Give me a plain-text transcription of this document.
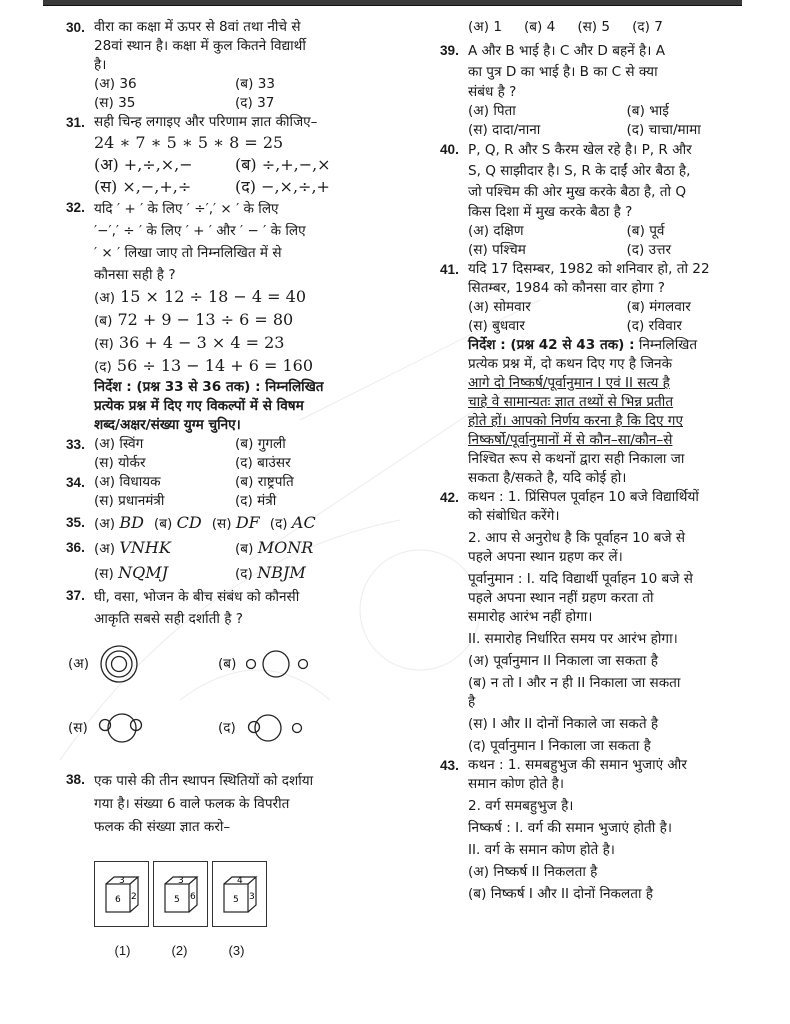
30. वीरा का कक्षा में ऊपर से 8वां तथा नीचे से
28वां स्थान है। कक्षा में कुल कितने विद्यार्थी
है।
(अ) 36	(ब) 33
(स) 35	(द) 37
31. सही चिन्ह लगाइए और परिणाम ज्ञात कीजिए–
24 ∗ 7 ∗ 5 ∗ 5 ∗ 8 = 25
(अ) +,÷,×,−	(ब) ÷,+,−,×
(स) ×,−,+,÷	(द) −,×,÷,+
32. यदि ′ + ′ के लिए ′ ÷′,′ × ′ के लिए
′−′,′ ÷ ′ के लिए ′ + ′ और ′ − ′ के लिए
′ × ′ लिखा जाए तो निम्नलिखित में से
कौनसा सही है ?
(अ) 15 × 12 ÷ 18 − 4 = 40
(ब) 72 + 9 − 13 ÷ 6 = 80
(स) 36 + 4 − 3 × 4 = 23
(द) 56 ÷ 13 − 14 + 6 = 160
निर्देश : (प्रश्न 33 से 36 तक) : निम्नलिखित
प्रत्येक प्रश्न में दिए गए विकल्पों में से विषम
शब्द/अक्षर/संख्या युग्म चुनिए।
33. (अ) स्विंग	(ब) गुगली
(स) योर्कर	(द) बाउंसर
34. (अ) विधायक	(ब) राष्ट्रपति
(स) प्रधानमंत्री	(द) मंत्री
35. (अ) BD (ब) CD (स) DF (द) AC
36. (अ) VNHK	(ब) MONR
(स) NQMJ	(द) NBJM
37. घी, वसा, भोजन के बीच संबंध को कौनसी
आकृति सबसे सही दर्शाती है ?
(अ)	(ब)
(स)	(द)
38. एक पासे की तीन स्थापन स्थितियों को दर्शाया
गया है। संख्या 6 वाले फलक के विपरीत
फलक की संख्या ज्ञात करो–
3
6 2
3
5 6
4
5 3
(1)	(2)	(3)
(अ) 1 (ब) 4 (स) 5 (द) 7
39. A और B भाई है। C और D बहनें है। A
का पुत्र D का भाई है। B का C से क्या
संबंध है ?
(अ) पिता	(ब) भाई
(स) दादा/नाना	(द) चाचा/मामा
40. P, Q, R और S कैरम खेल रहे है। P, R और
S, Q साझीदार है। S, R के दाईं ओर बैठा है,
जो पश्चिम की ओर मुख करके बैठा है, तो Q
किस दिशा में मुख करके बैठा है ?
(अ) दक्षिण	(ब) पूर्व
(स) पश्चिम	(द) उत्तर
41. यदि 17 दिसम्बर, 1982 को शनिवार हो, तो 22
सितम्बर, 1984 को कौनसा वार होगा ?
(अ) सोमवार	(ब) मंगलवार
(स) बुधवार	(द) रविवार
निर्देश : (प्रश्न 42 से 43 तक) : निम्नलिखित
प्रत्येक प्रश्न में, दो कथन दिए गए है जिनके
आगे दो निष्कर्ष/पूर्वानुमान I एवं II सत्य है
चाहे वे सामान्यतः ज्ञात तथ्यों से भिन्न प्रतीत
होते हों। आपको निर्णय करना है कि दिए गए
निष्कर्षो/पूर्वानुमानों में से कौन–सा/कौन–से
निश्चित रूप से कथनों द्वारा सही निकाला जा
सकता है/सकते है, यदि कोई हो।
42. कथन : 1. प्रिंसिपल पूर्वाहन 10 बजे विद्यार्थियों
को संबोधित करेंगे।
2. आप से अनुरोध है कि पूर्वाहन 10 बजे से
पहले अपना स्थान ग्रहण कर लें।
पूर्वानुमान : I. यदि विद्यार्थी पूर्वाहन 10 बजे से
पहले अपना स्थान नहीं ग्रहण करता तो
समारोह आरंभ नहीं होगा।
II. समारोह निर्धारित समय पर आरंभ होगा।
(अ) पूर्वानुमान II निकाला जा सकता है
(ब) न तो I और न ही II निकाला जा सकता
है
(स) I और II दोनों निकाले जा सकते है
(द) पूर्वानुमान I निकाला जा सकता है
43. कथन : 1. समबहुभुज की समान भुजाएं और
समान कोण होते है।
2. वर्ग समबहुभुज है।
निष्कर्ष : I. वर्ग की समान भुजाएं होती है।
II. वर्ग के समान कोण होते है।
(अ) निष्कर्ष II निकलता है
(ब) निष्कर्ष I और II दोनों निकलता है
